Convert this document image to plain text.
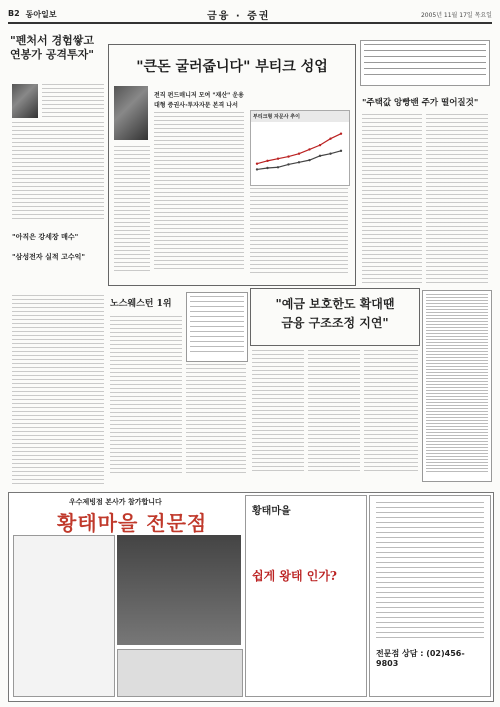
B2 동아일보	금융 · 증권	2005년 11월 17일 목요일
"펜처서 경험쌓고 연봉가 공격투자"
"아직은 강세장 매수"
"삼성전자 실적 고수익"
"큰돈 굴러줍니다" 부티크 성업
전직 펀드매니저 모여 "재산" 운용
대형 증권사·투자자문 본격 나서
부티크형 자문사 추이
"주택값 앙빵밴 주가 떨어질것"
노스웨스턴 1위	"예금 보호한도 확대땐
금융 구조조정 지연"
우수제빙점 본사가 참가합니다
황태마을 전문점	황태마을
쉽게 왕태 인가?
전문점 상담 : (02)456-9803
